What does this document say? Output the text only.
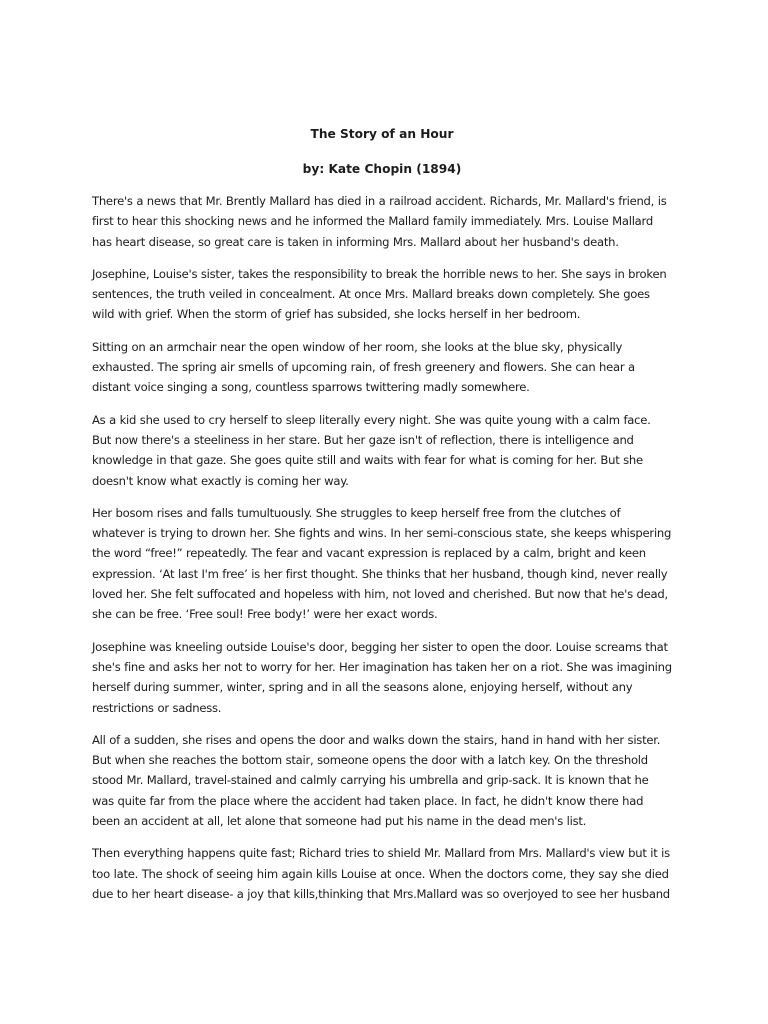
The Story of an Hour
by: Kate Chopin (1894)

There's a news that Mr. Brently Mallard has died in a railroad accident. Richards, Mr. Mallard's friend, is first to hear this shocking news and he informed the Mallard family immediately. Mrs. Louise Mallard has heart disease, so great care is taken in informing Mrs. Mallard about her husband's death.

Josephine, Louise's sister, takes the responsibility to break the horrible news to her. She says in broken sentences, the truth veiled in concealment. At once Mrs. Mallard breaks down completely. She goes wild with grief. When the storm of grief has subsided, she locks herself in her bedroom.

Sitting on an armchair near the open window of her room, she looks at the blue sky, physically exhausted. The spring air smells of upcoming rain, of fresh greenery and flowers. She can hear a distant voice singing a song, countless sparrows twittering madly somewhere.

As a kid she used to cry herself to sleep literally every night. She was quite young with a calm face. But now there's a steeliness in her stare. But her gaze isn't of reflection, there is intelligence and knowledge in that gaze. She goes quite still and waits with fear for what is coming for her. But she doesn't know what exactly is coming her way.

Her bosom rises and falls tumultuously. She struggles to keep herself free from the clutches of whatever is trying to drown her. She fights and wins. In her semi-conscious state, she keeps whispering the word “free!” repeatedly. The fear and vacant expression is replaced by a calm, bright and keen expression. ‘At last I'm free’ is her first thought. She thinks that her husband, though kind, never really loved her. She felt suffocated and hopeless with him, not loved and cherished. But now that he's dead, she can be free. ‘Free soul! Free body!’ were her exact words.

Josephine was kneeling outside Louise's door, begging her sister to open the door. Louise screams that she's fine and asks her not to worry for her. Her imagination has taken her on a riot. She was imagining herself during summer, winter, spring and in all the seasons alone, enjoying herself, without any restrictions or sadness.

All of a sudden, she rises and opens the door and walks down the stairs, hand in hand with her sister. But when she reaches the bottom stair, someone opens the door with a latch key. On the threshold stood Mr. Mallard, travel-stained and calmly carrying his umbrella and grip-sack. It is known that he was quite far from the place where the accident had taken place. In fact, he didn't know there had been an accident at all, let alone that someone had put his name in the dead men's list.

Then everything happens quite fast; Richard tries to shield Mr. Mallard from Mrs. Mallard's view but it is too late. The shock of seeing him again kills Louise at once. When the doctors come, they say she died due to her heart disease- a joy that kills,thinking that Mrs.Mallard was so overjoyed to see her husband
